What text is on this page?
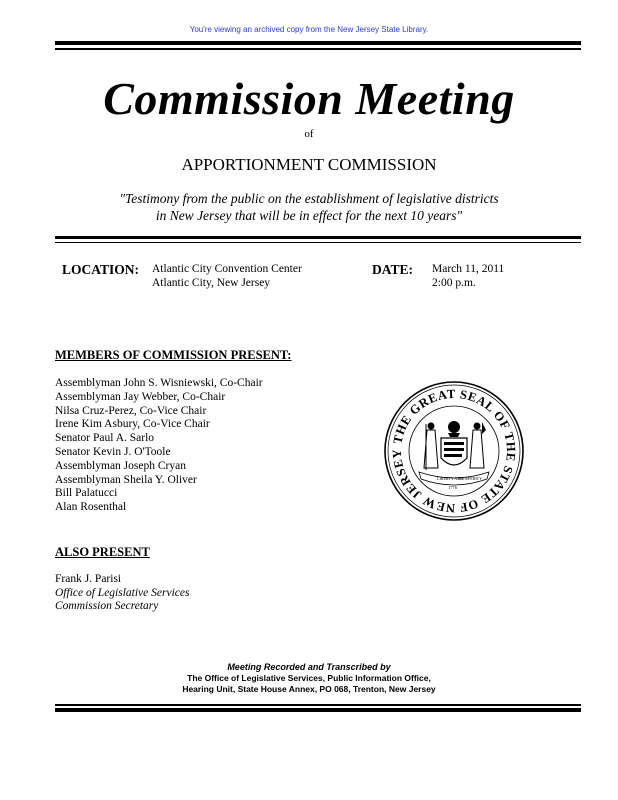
You're viewing an archived copy from the New Jersey State Library.
Commission Meeting
of
APPORTIONMENT COMMISSION
"Testimony from the public on the establishment of legislative districts
in New Jersey that will be in effect for the next 10 years"
LOCATION: Atlantic City Convention Center
Atlantic City, New Jersey
DATE: March 11, 2011
2:00 p.m.
MEMBERS OF COMMISSION PRESENT:
Assemblyman John S. Wisniewski, Co-Chair
Assemblyman Jay Webber, Co-Chair
Nilsa Cruz-Perez, Co-Vice Chair
Irene Kim Asbury, Co-Vice Chair
Senator Paul A. Sarlo
Senator Kevin J. O'Toole
Assemblyman Joseph Cryan
Assemblyman Sheila Y. Oliver
Bill Palatucci
Alan Rosenthal
THE GREAT SEAL OF THE STATE OF NEW JERSEY
LIBERTY AND
PROSPERITY
1776
ALSO PRESENT
Frank J. Parisi
Office of Legislative Services
Commission Secretary
Meeting Recorded and Transcribed by
The Office of Legislative Services, Public Information Office,
Hearing Unit, State House Annex, PO 068, Trenton, New Jersey
